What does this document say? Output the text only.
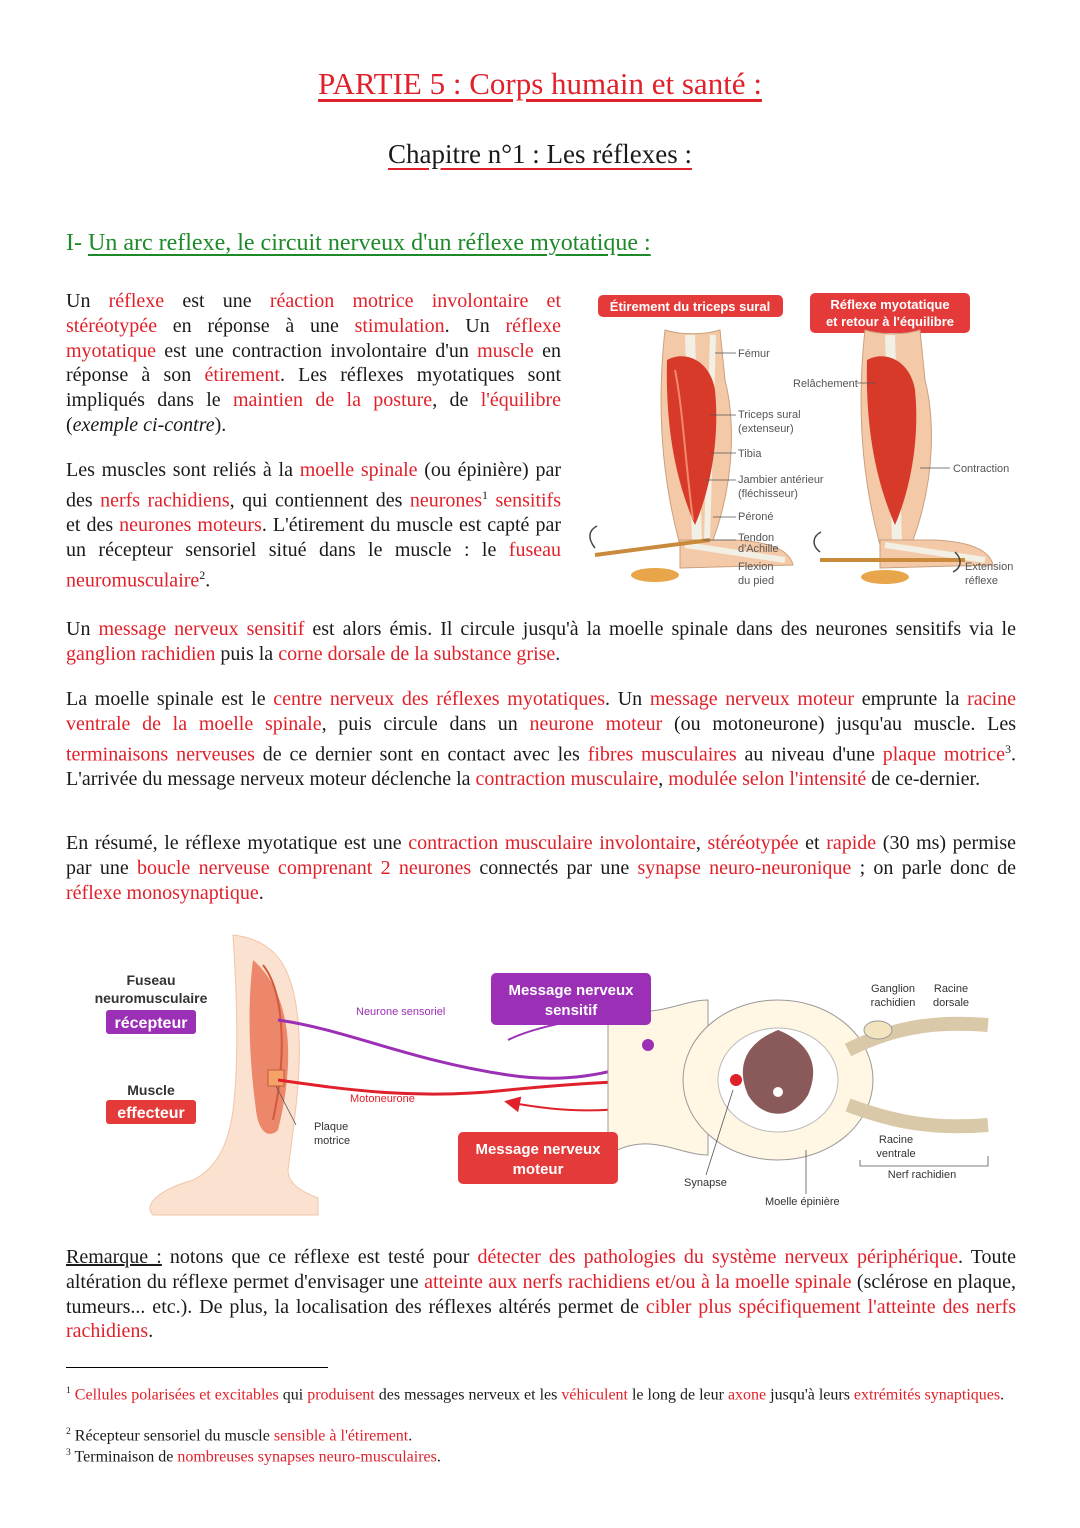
PARTIE 5 : Corps humain et santé :
Chapitre n°1 : Les réflexes :
I- Un arc reflexe, le circuit nerveux d'un réflexe myotatique :

Un réflexe est une réaction motrice involontaire et stéréotypée en réponse à une stimulation. Un réflexe myotatique est une contraction involontaire d'un muscle en réponse à son étirement. Les réflexes myotatiques sont impliqués dans le maintien de la posture, de l'équilibre (exemple ci-contre).

Les muscles sont reliés à la moelle spinale (ou épinière) par des nerfs rachidiens, qui contiennent des neurones$^1$ sensitifs et des neurones moteurs. L'étirement du muscle est capté par un récepteur sensoriel situé dans le muscle : le fuseau neuromusculaire$^2$.

Un message nerveux sensitif est alors émis. Il circule jusqu'à la moelle spinale dans des neurones sensitifs via le ganglion rachidien puis la corne dorsale de la substance grise.

La moelle spinale est le centre nerveux des réflexes myotatiques. Un message nerveux moteur emprunte la racine ventrale de la moelle spinale, puis circule dans un neurone moteur (ou motoneurone) jusqu'au muscle. Les terminaisons nerveuses de ce dernier sont en contact avec les fibres musculaires au niveau d'une plaque motrice$^3$. L'arrivée du message nerveux moteur déclenche la contraction musculaire, modulée selon l'intensité de ce-dernier.

En résumé, le réflexe myotatique est une contraction musculaire involontaire, stéréotypée et rapide (30 ms) permise par une boucle nerveuse comprenant 2 neurones connectés par une synapse neuro-neuronique ; on parle donc de réflexe monosynaptique.

Remarque : notons que ce réflexe est testé pour détecter des pathologies du système nerveux périphérique. Toute altération du réflexe permet d'envisager une atteinte aux nerfs rachidiens et/ou à la moelle spinale (sclérose en plaque, tumeurs... etc.). De plus, la localisation des réflexes altérés permet de cibler plus spécifiquement l'atteinte des nerfs rachidiens.

Étirement du triceps sural	Réflexe myotatique
et retour à l'équilibre
Fémur
Relâchement
Triceps sural
(extenseur)
Tibia
Jambier antérieur
(fléchisseur)
Péroné
Tendon
d'Achille
Flexion
du pied
Contraction
Extension
réflexe
Fuseau
neuromusculaire
récepteur
Muscle
effecteur
Neurone sensoriel
Motoneurone
Plaque
motrice
Message nerveux
sensitif
Message nerveux
moteur
Ganglion
rachidien
Racine
dorsale
Racine
ventrale
Nerf rachidien
Synapse
Moelle épinière

$^1$ Cellules polarisées et excitables qui produisent des messages nerveux et les véhiculent le long de leur axone jusqu'à leurs extrémités synaptiques.

$^2$ Récepteur sensoriel du muscle sensible à l'étirement.

$^3$ Terminaison de nombreuses synapses neuro-musculaires.
